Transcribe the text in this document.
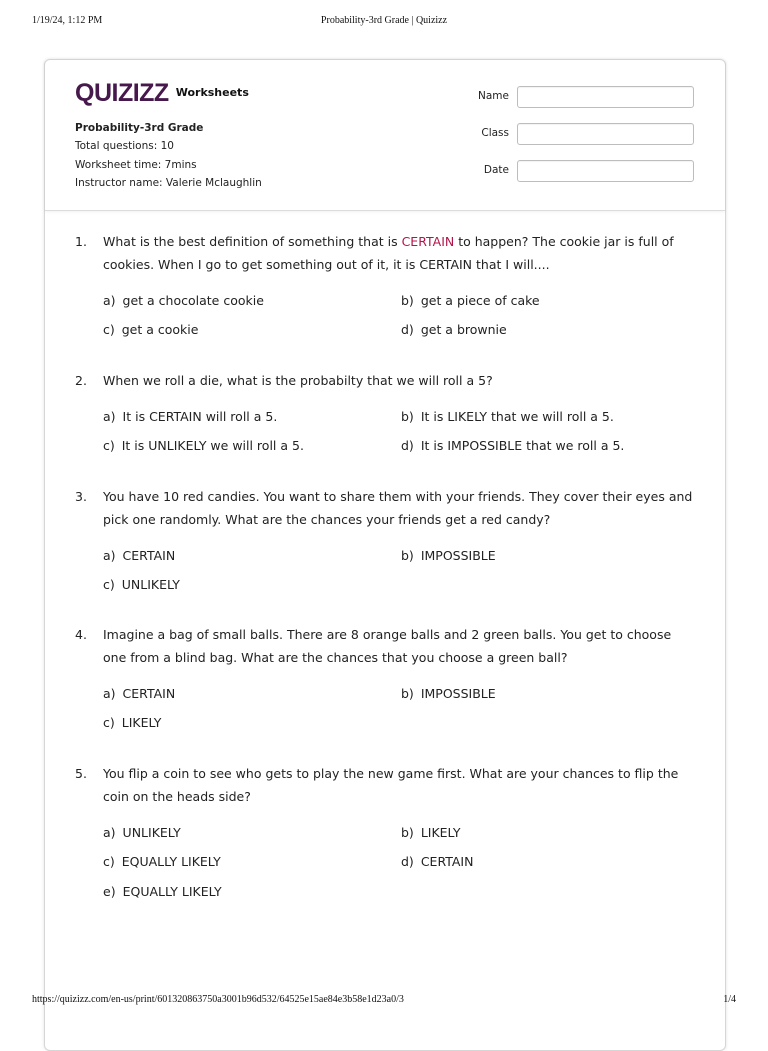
1/19/24, 1:12 PM	Probability-3rd Grade | Quizizz
QUIZIZZ Worksheets
Probability-3rd Grade
Total questions: 10
Worksheet time: 7mins
Instructor name: Valerie Mclaughlin
Name
Class
Date
1. What is the best definition of something that is CERTAIN to happen? The cookie jar is full of cookies. When I go to get something out of it, it is CERTAIN that I will....
a) get a chocolate cookie	b) get a piece of cake
c) get a cookie	d) get a brownie
2. When we roll a die, what is the probabilty that we will roll a 5?
a) It is CERTAIN will roll a 5.	b) It is LIKELY that we will roll a 5.
c) It is UNLIKELY we will roll a 5.	d) It is IMPOSSIBLE that we roll a 5.
3. You have 10 red candies. You want to share them with your friends. They cover their eyes and pick one randomly. What are the chances your friends get a red candy?
a) CERTAIN	b) IMPOSSIBLE
c) UNLIKELY
4. Imagine a bag of small balls. There are 8 orange balls and 2 green balls. You get to choose one from a blind bag. What are the chances that you choose a green ball?
a) CERTAIN	b) IMPOSSIBLE
c) LIKELY
5. You flip a coin to see who gets to play the new game first. What are your chances to flip the coin on the heads side?
a) UNLIKELY	b) LIKELY
c) EQUALLY LIKELY	d) CERTAIN
e) EQUALLY LIKELY
https://quizizz.com/en-us/print/601320863750a3001b96d532/64525e15ae84e3b58e1d23a0/3	1/4
